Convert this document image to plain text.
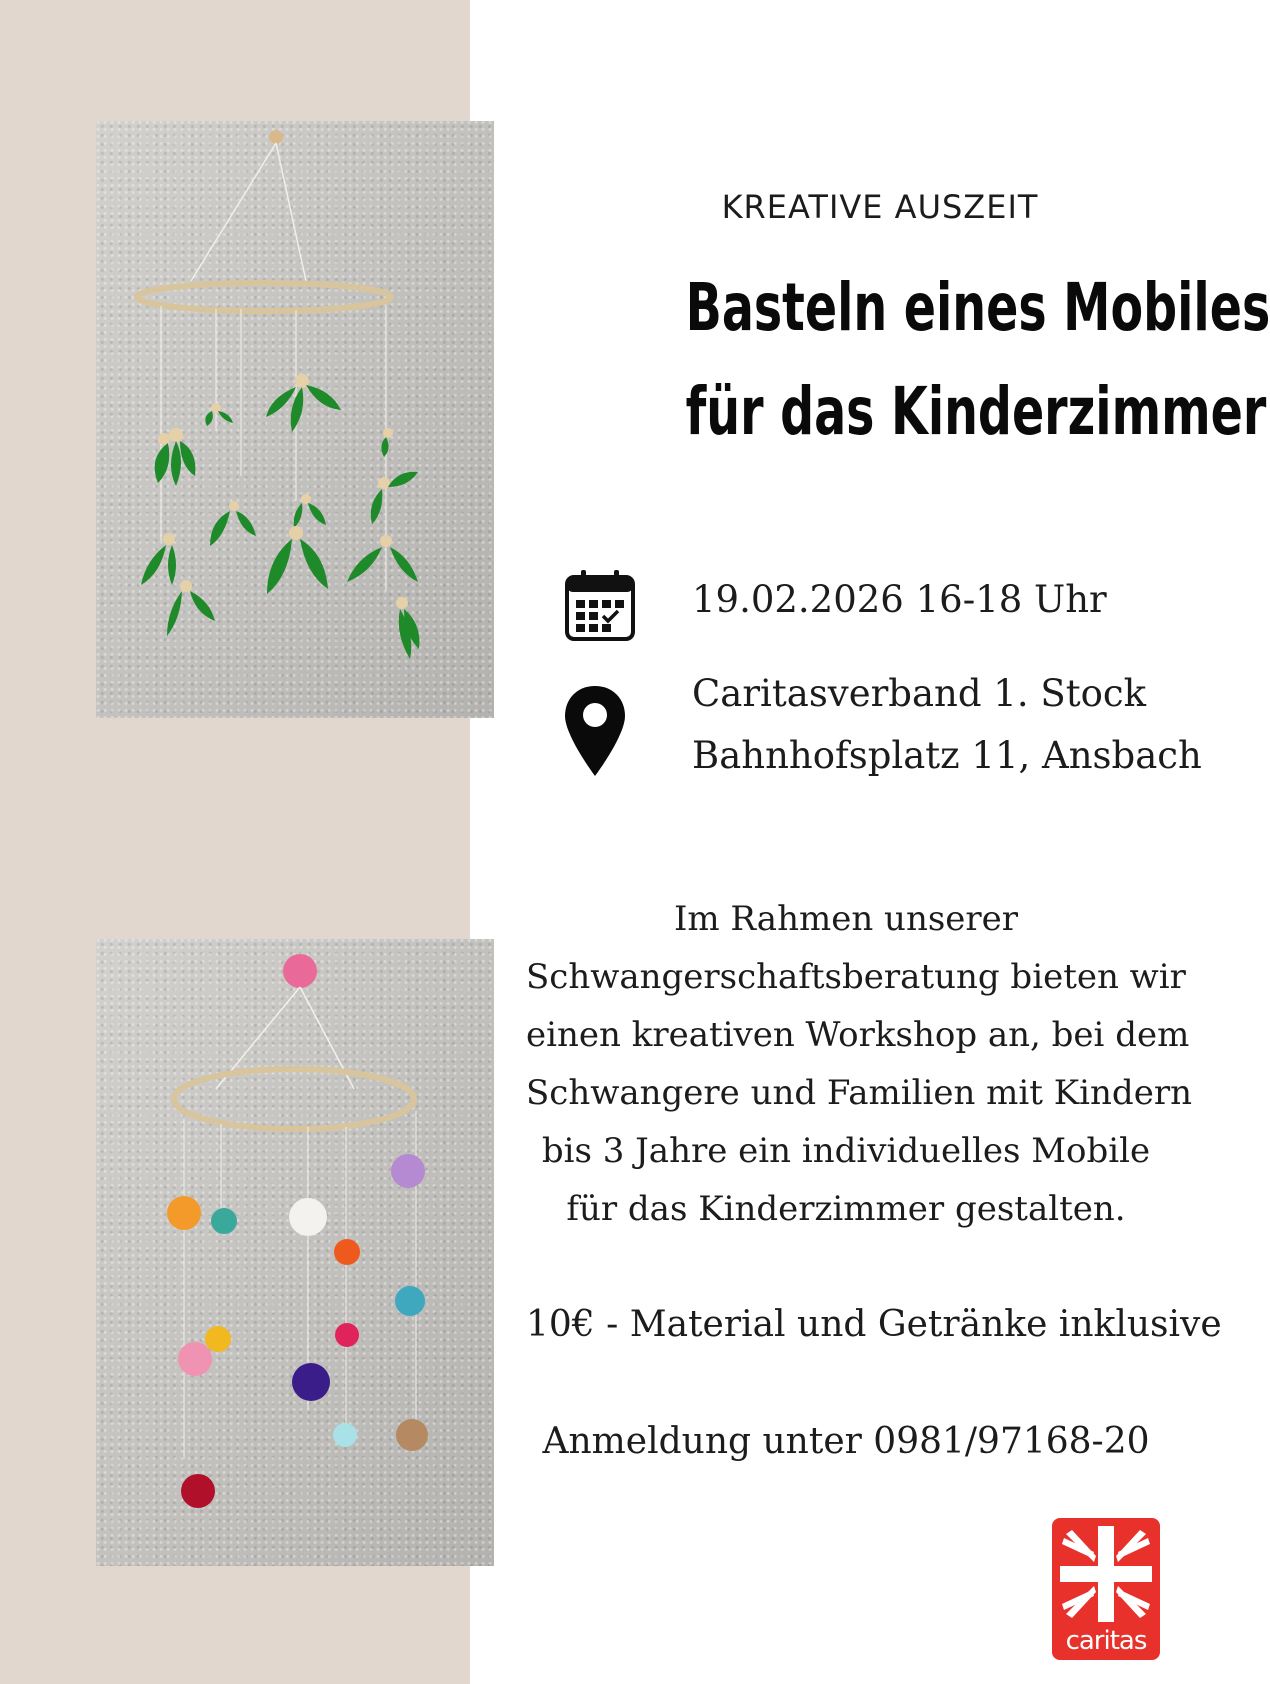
KREATIVE AUSZEIT
Basteln eines Mobiles
für das Kinderzimmer
19.02.2026 16-18 Uhr
Caritasverband 1. Stock
Bahnhofsplatz 11, Ansbach
Im Rahmen unserer
Schwangerschaftsberatung bieten wir
einen kreativen Workshop an, bei dem
Schwangere und Familien mit Kindern
bis 3 Jahre ein individuelles Mobile
für das Kinderzimmer gestalten.
10€ - Material und Getränke inklusive
Anmeldung unter 0981/97168-20
caritas
